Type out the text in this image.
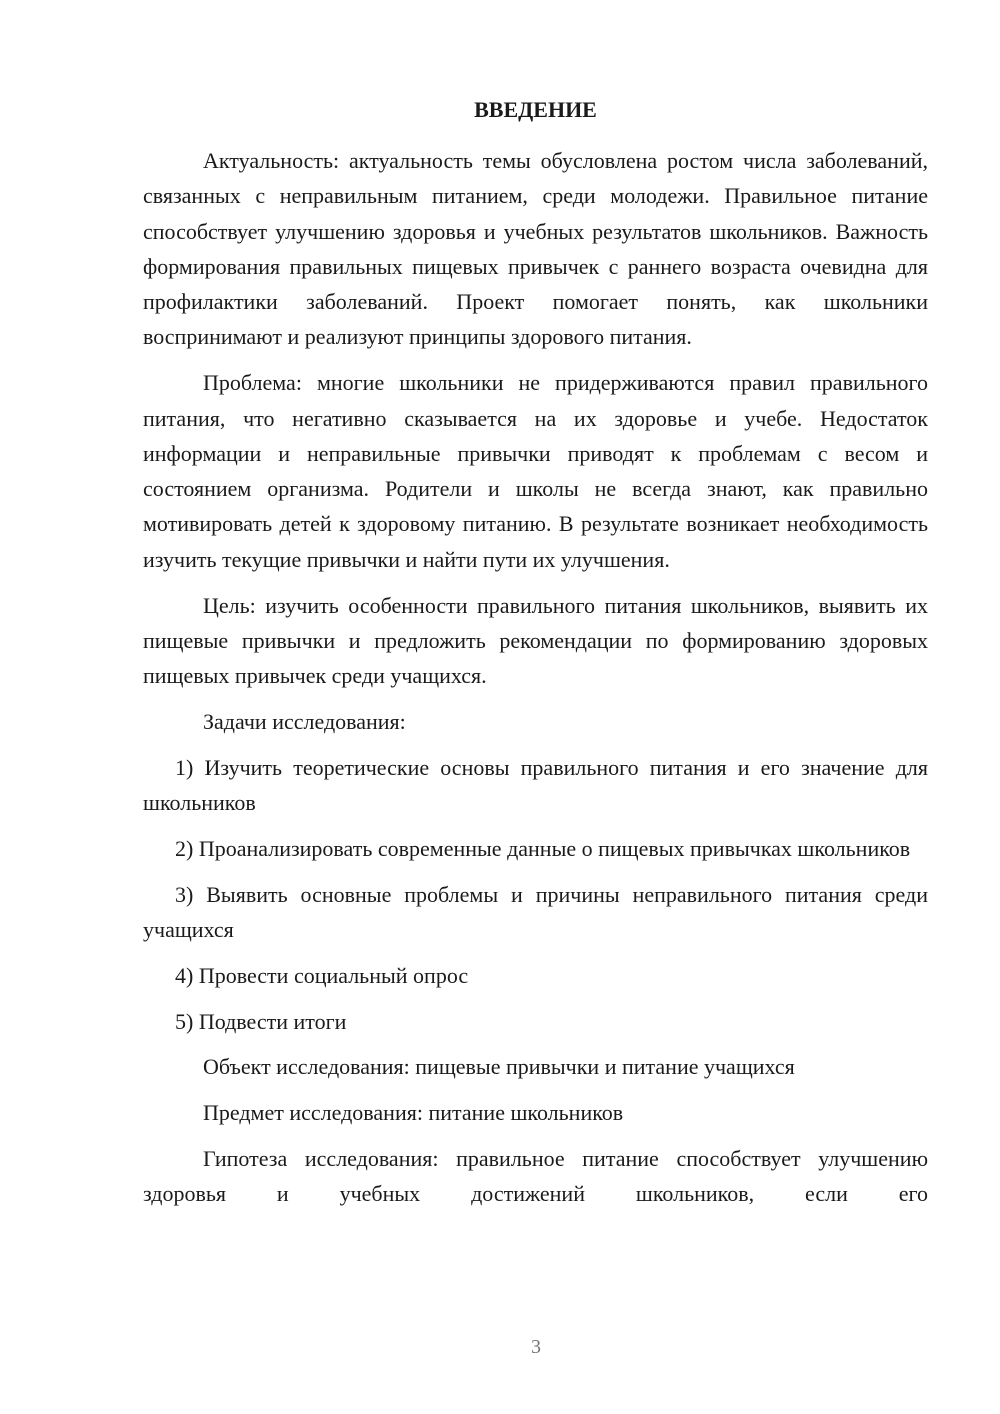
ВВЕДЕНИЕ

Актуальность: актуальность темы обусловлена ростом числа заболеваний, связанных с неправильным питанием, среди молодежи. Правильное питание способствует улучшению здоровья и учебных результатов школьников. Важность формирования правильных пищевых привычек с раннего возраста очевидна для профилактики заболеваний. Проект помогает понять, как школьники воспринимают и реализуют принципы здорового питания.

Проблема: многие школьники не придерживаются правил правильного питания, что негативно сказывается на их здоровье и учебе. Недостаток информации и неправильные привычки приводят к проблемам с весом и состоянием организма. Родители и школы не всегда знают, как правильно мотивировать детей к здоровому питанию. В результате возникает необходимость изучить текущие привычки и найти пути их улучшения.

Цель: изучить особенности правильного питания школьников, выявить их пищевые привычки и предложить рекомендации по формированию здоровых пищевых привычек среди учащихся.

Задачи исследования:

1) Изучить теоретические основы правильного питания и его значение для школьников

2) Проанализировать современные данные о пищевых привычках школьников

3) Выявить основные проблемы и причины неправильного питания среди учащихся

4) Провести социальный опрос

5) Подвести итоги

Объект исследования: пищевые привычки и питание учащихся

Предмет исследования: питание школьников

Гипотеза исследования: правильное питание способствует улучшению здоровья и учебных достижений школьников, если его

3
